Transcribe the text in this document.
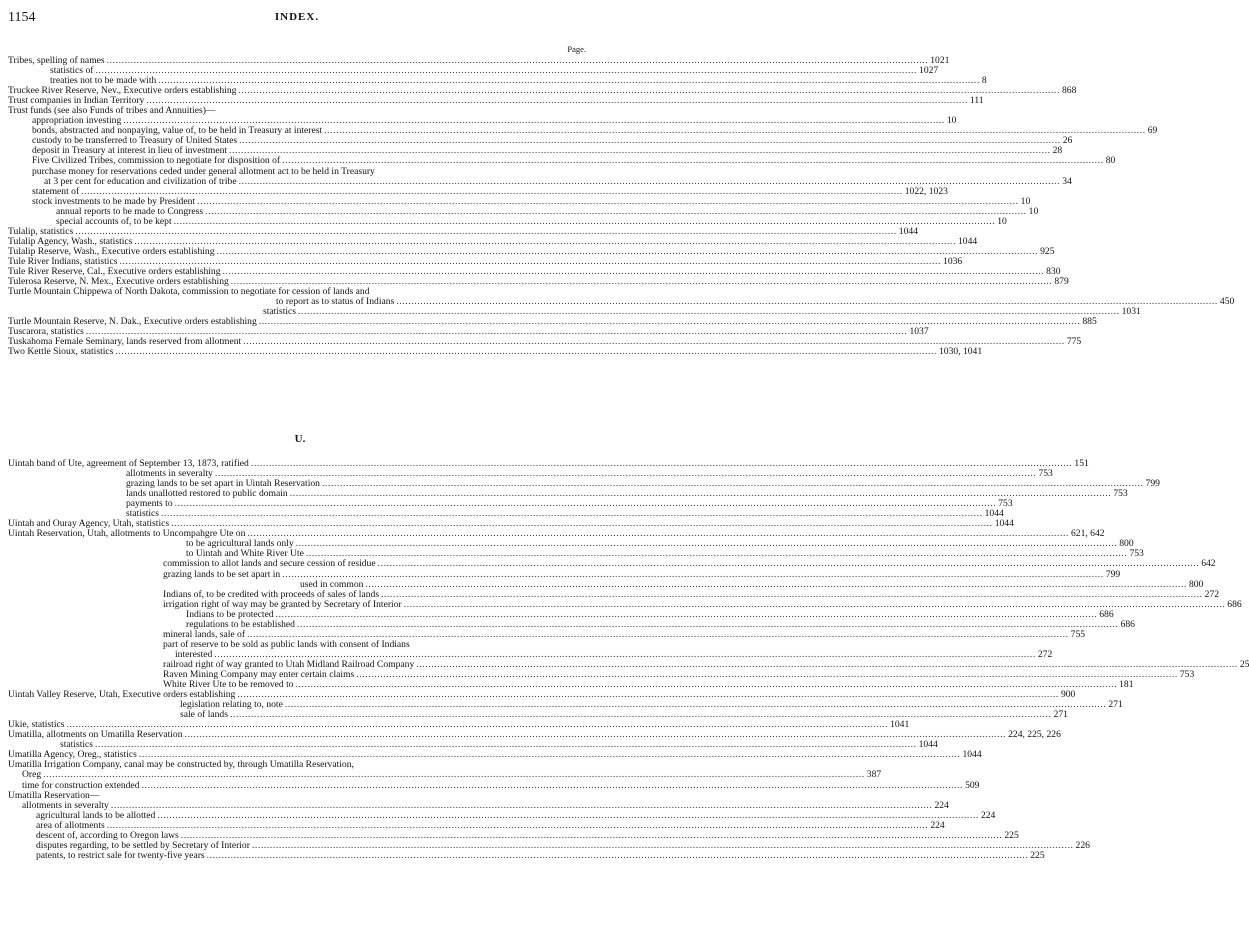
1154	INDEX.
Page.
Tribes, spelling of names .................................................................................................................................................................................................................................................................................. 1021
statistics of .................................................................................................................................................................................................................................................................................. 1027
treaties not to be made with .................................................................................................................................................................................................................................................................................. 8
Truckee River Reserve, Nev., Executive orders establishing .................................................................................................................................................................................................................................................................................. 868
Trust companies in Indian Territory .................................................................................................................................................................................................................................................................................. 111
Trust funds (see also Funds of tribes and Annuities)—
appropriation investing .................................................................................................................................................................................................................................................................................. 10
bonds, abstracted and nonpaying, value of, to be held in Treasury at interest .................................................................................................................................................................................................................................................................................. 69
custody to be transferred to Treasury of United States .................................................................................................................................................................................................................................................................................. 26
deposit in Treasury at interest in lieu of investment .................................................................................................................................................................................................................................................................................. 28
Five Civilized Tribes, commission to negotiate for disposition of .................................................................................................................................................................................................................................................................................. 80
purchase money for reservations ceded under general allotment act to be held in Treasury
at 3 per cent for education and civilization of tribe .................................................................................................................................................................................................................................................................................. 34
statement of .................................................................................................................................................................................................................................................................................. 1022, 1023
stock investments to be made by President .................................................................................................................................................................................................................................................................................. 10
annual reports to be made to Congress .................................................................................................................................................................................................................................................................................. 10
special accounts of, to be kept .................................................................................................................................................................................................................................................................................. 10
Tulalip, statistics .................................................................................................................................................................................................................................................................................. 1044
Tulalip Agency, Wash., statistics .................................................................................................................................................................................................................................................................................. 1044
Tulalip Reserve, Wash., Executive orders establishing .................................................................................................................................................................................................................................................................................. 925
Tule River Indians, statistics .................................................................................................................................................................................................................................................................................. 1036
Tule River Reserve, Cal., Executive orders establishing .................................................................................................................................................................................................................................................................................. 830
Tulerosa Reserve, N. Mex., Executive orders establishing .................................................................................................................................................................................................................................................................................. 879
Turtle Mountain Chippewa of North Dakota, commission to negotiate for cession of lands and
to report as to status of Indians .................................................................................................................................................................................................................................................................................. 450
statistics .................................................................................................................................................................................................................................................................................. 1031
Turtle Mountain Reserve, N. Dak., Executive orders establishing .................................................................................................................................................................................................................................................................................. 885
Tuscarora, statistics .................................................................................................................................................................................................................................................................................. 1037
Tuskahoma Female Seminary, lands reserved from allotment .................................................................................................................................................................................................................................................................................. 775
Two Kettle Sioux, statistics .................................................................................................................................................................................................................................................................................. 1030, 1041
U.
Uintah band of Ute, agreement of September 13, 1873, ratified .................................................................................................................................................................................................................................................................................. 151
allotments in severalty .................................................................................................................................................................................................................................................................................. 753
grazing lands to be set apart in Uintah Reservation .................................................................................................................................................................................................................................................................................. 799
lands unallotted restored to public domain .................................................................................................................................................................................................................................................................................. 753
payments to .................................................................................................................................................................................................................................................................................. 753
statistics .................................................................................................................................................................................................................................................................................. 1044
Uintah and Ouray Agency, Utah, statistics .................................................................................................................................................................................................................................................................................. 1044
Uintah Reservation, Utah, allotments to Uncompahgre Ute on .................................................................................................................................................................................................................................................................................. 621, 642
to be agricultural lands only .................................................................................................................................................................................................................................................................................. 800
to Uintah and White River Ute .................................................................................................................................................................................................................................................................................. 753
commission to allot lands and secure cession of residue .................................................................................................................................................................................................................................................................................. 642
grazing lands to be set apart in .................................................................................................................................................................................................................................................................................. 799
used in common .................................................................................................................................................................................................................................................................................. 800
Indians of, to be credited with proceeds of sales of lands .................................................................................................................................................................................................................................................................................. 272
irrigation right of way may be granted by Secretary of Interior .................................................................................................................................................................................................................................................................................. 686
Indians to be protected .................................................................................................................................................................................................................................................................................. 686
regulations to be established .................................................................................................................................................................................................................................................................................. 686
mineral lands, sale of .................................................................................................................................................................................................................................................................................. 755
part of reserve to be sold as public lands with consent of Indians
interested .................................................................................................................................................................................................................................................................................. 272
railroad right of way granted to Utah Midland Railroad Company .................................................................................................................................................................................................................................................................................. 25
Raven Mining Company may enter certain claims .................................................................................................................................................................................................................................................................................. 753
White River Ute to be removed to .................................................................................................................................................................................................................................................................................. 181
Uintah Valley Reserve, Utah, Executive orders establishing .................................................................................................................................................................................................................................................................................. 900
legislation relating to, note .................................................................................................................................................................................................................................................................................. 271
sale of lands .................................................................................................................................................................................................................................................................................. 271
Ukie, statistics .................................................................................................................................................................................................................................................................................. 1041
Umatilla, allotments on Umatilla Reservation .................................................................................................................................................................................................................................................................................. 224, 225, 226
statistics .................................................................................................................................................................................................................................................................................. 1044
Umatilla Agency, Oreg., statistics .................................................................................................................................................................................................................................................................................. 1044
Umatilla Irrigation Company, canal may be constructed by, through Umatilla Reservation,
Oreg .................................................................................................................................................................................................................................................................................. 387
time for construction extended .................................................................................................................................................................................................................................................................................. 509
Umatilla Reservation—
allotments in severalty .................................................................................................................................................................................................................................................................................. 224
agricultural lands to be allotted .................................................................................................................................................................................................................................................................................. 224
area of allotments .................................................................................................................................................................................................................................................................................. 224
descent of, according to Oregon laws .................................................................................................................................................................................................................................................................................. 225
disputes regarding, to be settled by Secretary of Interior .................................................................................................................................................................................................................................................................................. 226
patents, to restrict sale for twenty-five years .................................................................................................................................................................................................................................................................................. 225
